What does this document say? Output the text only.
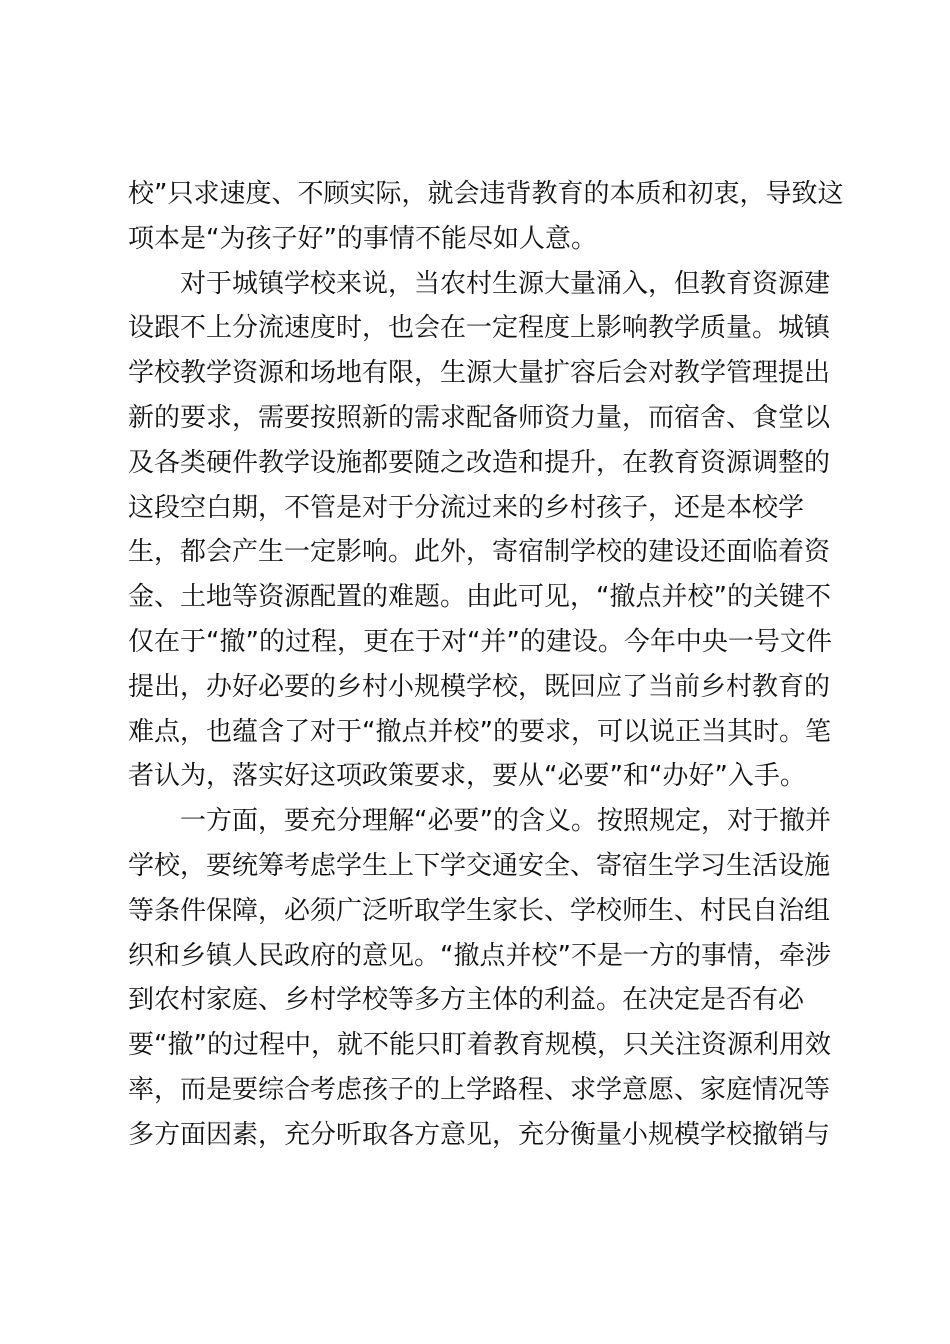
校”只求速度、不顾实际，就会违背教育的本质和初衷，导致这
项本是“为孩子好”的事情不能尽如人意。
对于城镇学校来说，当农村生源大量涌入，但教育资源建
设跟不上分流速度时，也会在一定程度上影响教学质量。城镇
学校教学资源和场地有限，生源大量扩容后会对教学管理提出
新的要求，需要按照新的需求配备师资力量，而宿舍、食堂以
及各类硬件教学设施都要随之改造和提升，在教育资源调整的
这段空白期，不管是对于分流过来的乡村孩子，还是本校学
生，都会产生一定影响。此外，寄宿制学校的建设还面临着资
金、土地等资源配置的难题。由此可见，“撤点并校”的关键不
仅在于“撤”的过程，更在于对“并”的建设。今年中央一号文件
提出，办好必要的乡村小规模学校，既回应了当前乡村教育的
难点，也蕴含了对于“撤点并校”的要求，可以说正当其时。笔
者认为，落实好这项政策要求，要从“必要”和“办好”入手。
一方面，要充分理解“必要”的含义。按照规定，对于撤并
学校，要统筹考虑学生上下学交通安全、寄宿生学习生活设施
等条件保障，必须广泛听取学生家长、学校师生、村民自治组
织和乡镇人民政府的意见。“撤点并校”不是一方的事情，牵涉
到农村家庭、乡村学校等多方主体的利益。在决定是否有必
要“撤”的过程中，就不能只盯着教育规模，只关注资源利用效
率，而是要综合考虑孩子的上学路程、求学意愿、家庭情况等
多方面因素，充分听取各方意见，充分衡量小规模学校撤销与
